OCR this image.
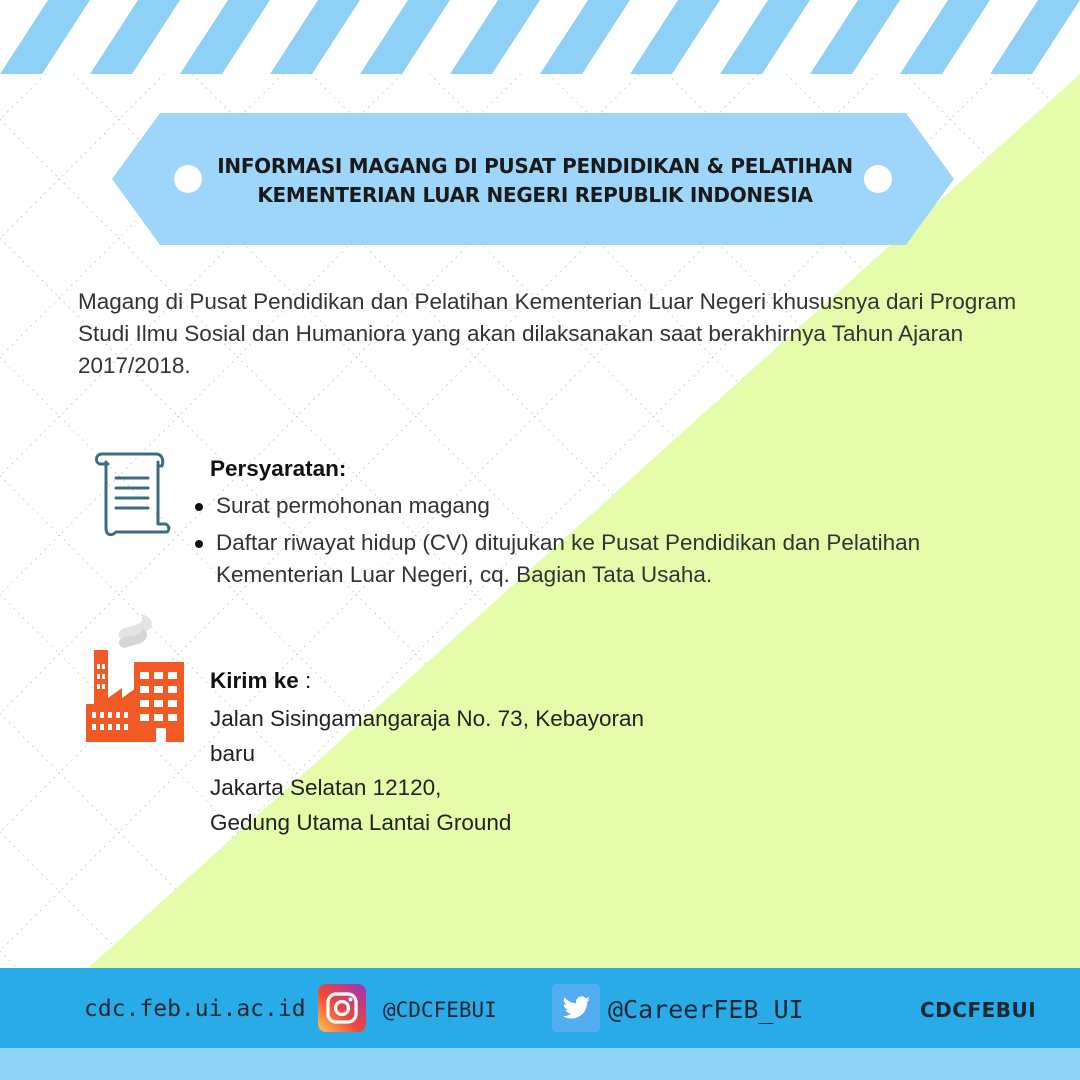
INFORMASI MAGANG DI PUSAT PENDIDIKAN & PELATIHAN
KEMENTERIAN LUAR NEGERI REPUBLIK INDONESIA
Magang di Pusat Pendidikan dan Pelatihan Kementerian Luar Negeri khususnya dari Program Studi Ilmu Sosial dan Humaniora yang akan dilaksanakan saat berakhirnya Tahun Ajaran 2017/2018.
Persyaratan:
Surat permohonan magang
Daftar riwayat hidup (CV) ditujukan ke Pusat Pendidikan dan Pelatihan Kementerian Luar Negeri, cq. Bagian Tata Usaha.
Kirim ke :
Jalan Sisingamangaraja No. 73, Kebayoran
baru
Jakarta Selatan 12120,
Gedung Utama Lantai Ground
cdc.feb.ui.ac.id	@CDCFEBUI	@CareerFEB_UI	CDCFEBUI
